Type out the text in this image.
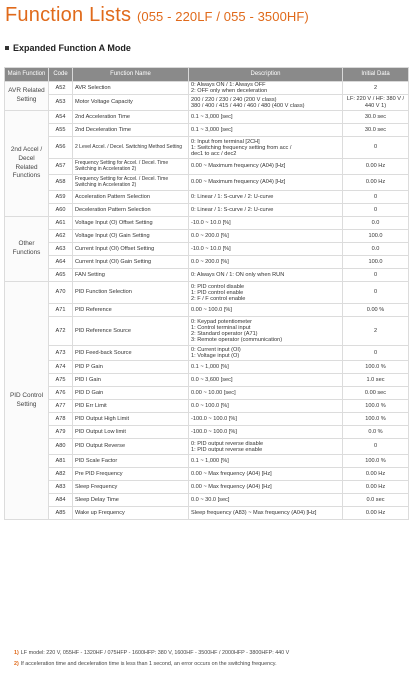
Function Lists (055 - 220LF / 055 - 3500HF)
Expanded Function A Mode
Main Function	Code	Function Name	Description	Initial Data
AVR Related Setting	A52	AVR Selection	0: Always ON / 1: Always OFF
2: OFF only when deceleration	2
	A53	Motor Voltage Capacity	200 / 220 / 230 / 240 (200 V class)
380 / 400 / 415 / 440 / 460 / 480 (400 V class)	LF: 220 V / HF: 380 V / 440 V 1)
2nd Accel / Decel Related Functions	A54	2nd Acceleration Time	0.1 ~ 3,000 [sec]	30.0 sec
	A55	2nd Deceleration Time	0.1 ~ 3,000 [sec]	30.0 sec
	A56	2 Level Accel. / Decel. Switching Method Setting	0: Input from terminal [2CH]
1: Switching frequency setting from acc /
dec1 to acc / dec2	0
	A57	Frequency Setting for Accel. / Decel. Time Switching in Acceleration 2)	0.00 ~ Maximum frequency (A04) [Hz]	0.00 Hz
	A58	Frequency Setting for Accel. / Decel. Time Switching in Acceleration 2)	0.00 ~ Maximum frequency (A04) [Hz]	0.00 Hz
	A59	Acceleration Pattern Selection	0: Linear / 1: S-curve / 2: U-curve	0
	A60	Deceleration Pattern Selection	0: Linear / 1: S-curve / 2: U-curve	0
Other Functions	A61	Voltage Input (O) Offset Setting	-10.0 ~ 10.0 [%]	0.0
	A62	Voltage Input (O) Gain Setting	0.0 ~ 200.0 [%]	100.0
	A63	Current Input (OI) Offset Setting	-10.0 ~ 10.0 [%]	0.0
	A64	Current Input (OI) Gain Setting	0.0 ~ 200.0 [%]	100.0
	A65	FAN Setting	0: Always ON / 1: ON only when RUN	0
PID Control Setting	A70	PID Function Selection	0: PID control disable
1: PID control enable
2: F / F control enable	0
	A71	PID Reference	0.00 ~ 100.0 [%]	0.00 %
	A72	PID Reference Source	0: Keypad potentiometer
1: Control terminal input
2: Standard operator (A71)
3: Remote operator (communication)	2
	A73	PID Feed-back Source	0: Current input (OI)
1: Voltage input (O)	0
	A74	PID P Gain	0.1 ~ 1,000 [%]	100.0 %
	A75	PID I Gain	0.0 ~ 3,600 [sec]	1.0 sec
	A76	PID D Gain	0.00 ~ 10.00 [sec]	0.00 sec
	A77	PID Err Limit	0.0 ~ 100.0 [%]	100.0 %
	A78	PID Output High Limit	-100.0 ~ 100.0 [%]	100.0 %
	A79	PID Output Low limit	-100.0 ~ 100.0 [%]	0.0 %
	A80	PID Output Reverse	0: PID output reverse disable
1: PID output reverse enable	0
	A81	PID Scale Factor	0.1 ~ 1,000 [%]	100.0 %
	A82	Pre PID Frequency	0.00 ~ Max frequency (A04) [Hz]	0.00 Hz
	A83	Sleep Frequency	0.00 ~ Max frequency (A04) [Hz]	0.00 Hz
	A84	Sleep Delay Time	0.0 ~ 30.0 [sec]	0.0 sec
	A85	Wake up Frequency	Sleep frequency (A83) ~ Max frequency (A04) [Hz]	0.00 Hz
1) LF model: 220 V, 055HF - 1320HF / 075HFP - 1600HFP: 380 V, 1600HF - 3500HF / 2000HFP - 3800HFP: 440 V
2) If acceleration time and deceleration time is less than 1 second, an error occurs on the switching frequency.
